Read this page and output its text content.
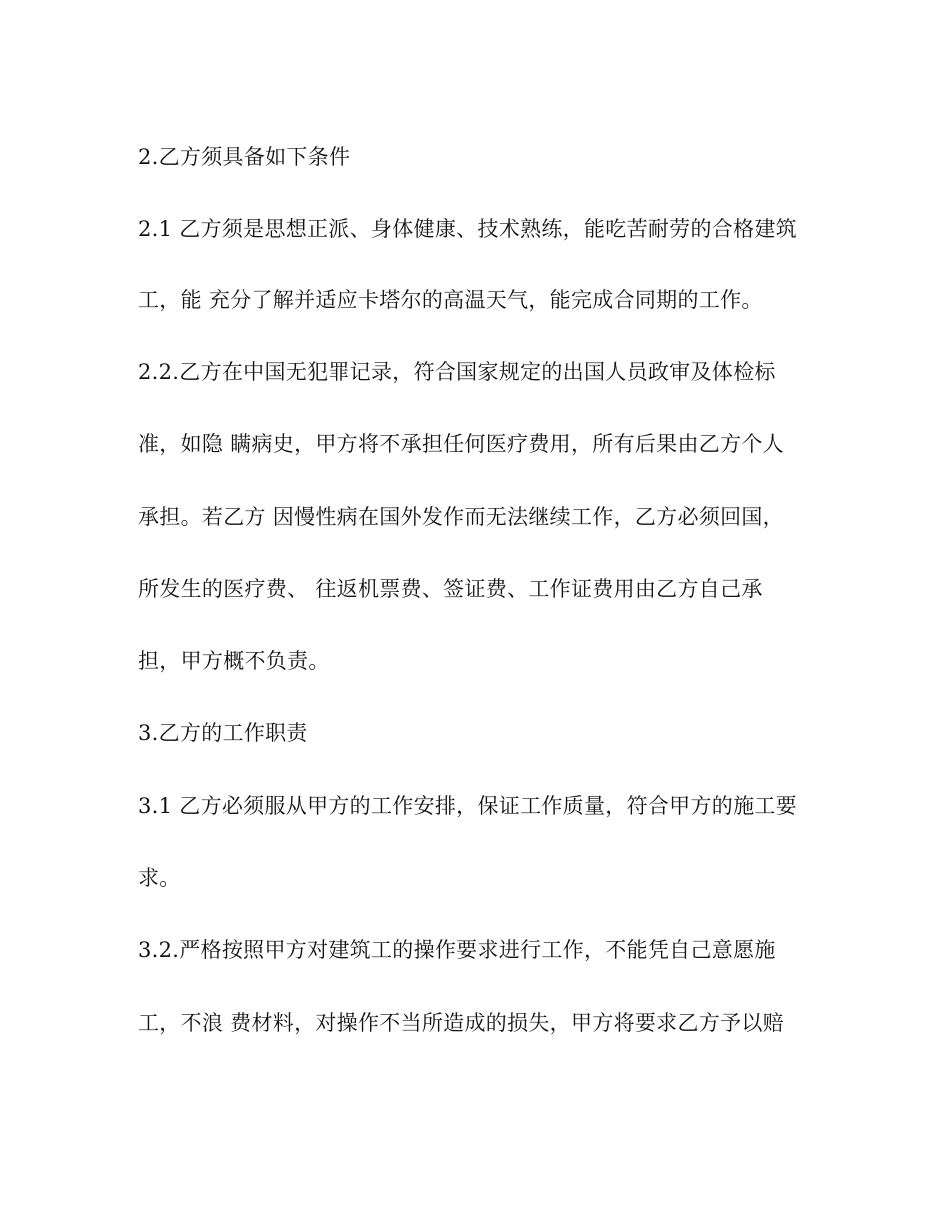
2.乙方须具备如下条件

2.1 乙方须是思想正派、身体健康、技术熟练，能吃苦耐劳的合格建筑

工，能 充分了解并适应卡塔尔的高温天气，能完成合同期的工作。

2.2.乙方在中国无犯罪记录，符合国家规定的出国人员政审及体检标

准，如隐 瞒病史，甲方将不承担任何医疗费用，所有后果由乙方个人

承担。若乙方 因慢性病在国外发作而无法继续工作，乙方必须回国，

所发生的医疗费、 往返机票费、签证费、工作证费用由乙方自己承

担，甲方概不负责。

3.乙方的工作职责

3.1 乙方必须服从甲方的工作安排，保证工作质量，符合甲方的施工要

求。

3.2.严格按照甲方对建筑工的操作要求进行工作，不能凭自己意愿施

工，不浪 费材料，对操作不当所造成的损失，甲方将要求乙方予以赔
